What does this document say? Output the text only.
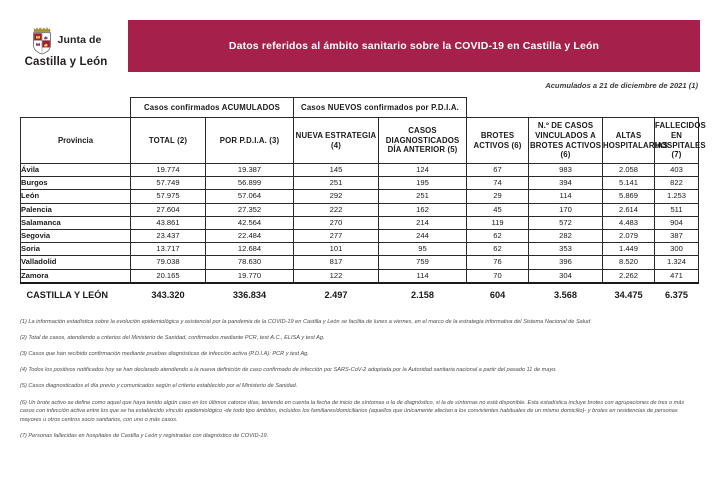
Junta de
Castilla y León
Datos referidos al ámbito sanitario sobre la COVID-19 en Castilla y León
Acumulados a 21 de diciembre de 2021 (1)
	Casos confirmados ACUMULADOS		Casos NUEVOS confirmados por P.D.I.A.					
Provincia	TOTAL (2)	POR P.D.I.A. (3)	NUEVA ESTRATEGIA (4)	CASOS DIAGNOSTICADOS DÍA ANTERIOR (5)	BROTES ACTIVOS (6)	N.º DE CASOS VINCULADOS A BROTES ACTIVOS (6)	ALTAS HOSPITALARIAS	FALLECIDOS EN HOSPITALES (7)
Ávila	19.774	19.387	145	124	67	983	2.058	403
Burgos	57.749	56.899	251	195	74	394	5.141	822
León	57.975	57.064	292	251	29	114	5.869	1.253
Palencia	27.604	27.352	222	162	45	170	2.614	511
Salamanca	43.861	42.564	270	214	119	572	4.483	904
Segovia	23.437	22.484	277	244	62	282	2.079	387
Soria	13.717	12.684	101	95	62	353	1.449	300
Valladolid	79.038	78.630	817	759	76	396	8.520	1.324
Zamora	20.165	19.770	122	114	70	304	2.262	471
CASTILLA Y LEÓN	343.320	336.834	2.497	2.158	604	3.568	34.475	6.375
(1) La información estadística sobre la evolución epidemiológica y asistencial por la pandemia de la COVID-19 en Castilla y León se facilita de lunes a viernes, en el marco de la estrategia informativa del Sistema Nacional de Salud
(2) Total de casos, atendiendo a criterios del Ministerio de Sanidad, confirmados mediante PCR, test A.C., ELISA y test Ag.
(3) Casos que han recibido confirmación mediante pruebas diagnósticas de infección activa (P.D.I.A): PCR y test Ag.
(4) Todos los positivos notificados hoy se han declarado atendiendo a la nueva definición de caso confirmado de infección por SARS-CoV-2 adoptada por la Autoridad sanitaria nacional a partir del pasado 11 de mayo.
(5) Casos diagnosticados el día previo y comunicados según el criterio establecido por el Ministerio de Sanidad.
(6) Un brote activo se define como aquel que haya tenido algún caso en los últimos catorce días, teniendo en cuenta la fecha de inicio de síntomas o la de diagnóstico, si la de síntomas no está disponible. Esta estadística incluye brotes con agrupaciones de tres o más casos con infección activa entre los que se ha establecido vínculo epidemiológico -de todo tipo ámbitos, incluidos los familiares/domiciliarios (aquellos que únicamente afectan a los convivientes habituales de un mismo domicilio)- y brotes en residencias de personas mayores u otros centros socio sanitarios, con uno o más casos.
(7) Personas fallecidas en hospitales de Castilla y León y registradas con diagnóstico de COVID-19.
